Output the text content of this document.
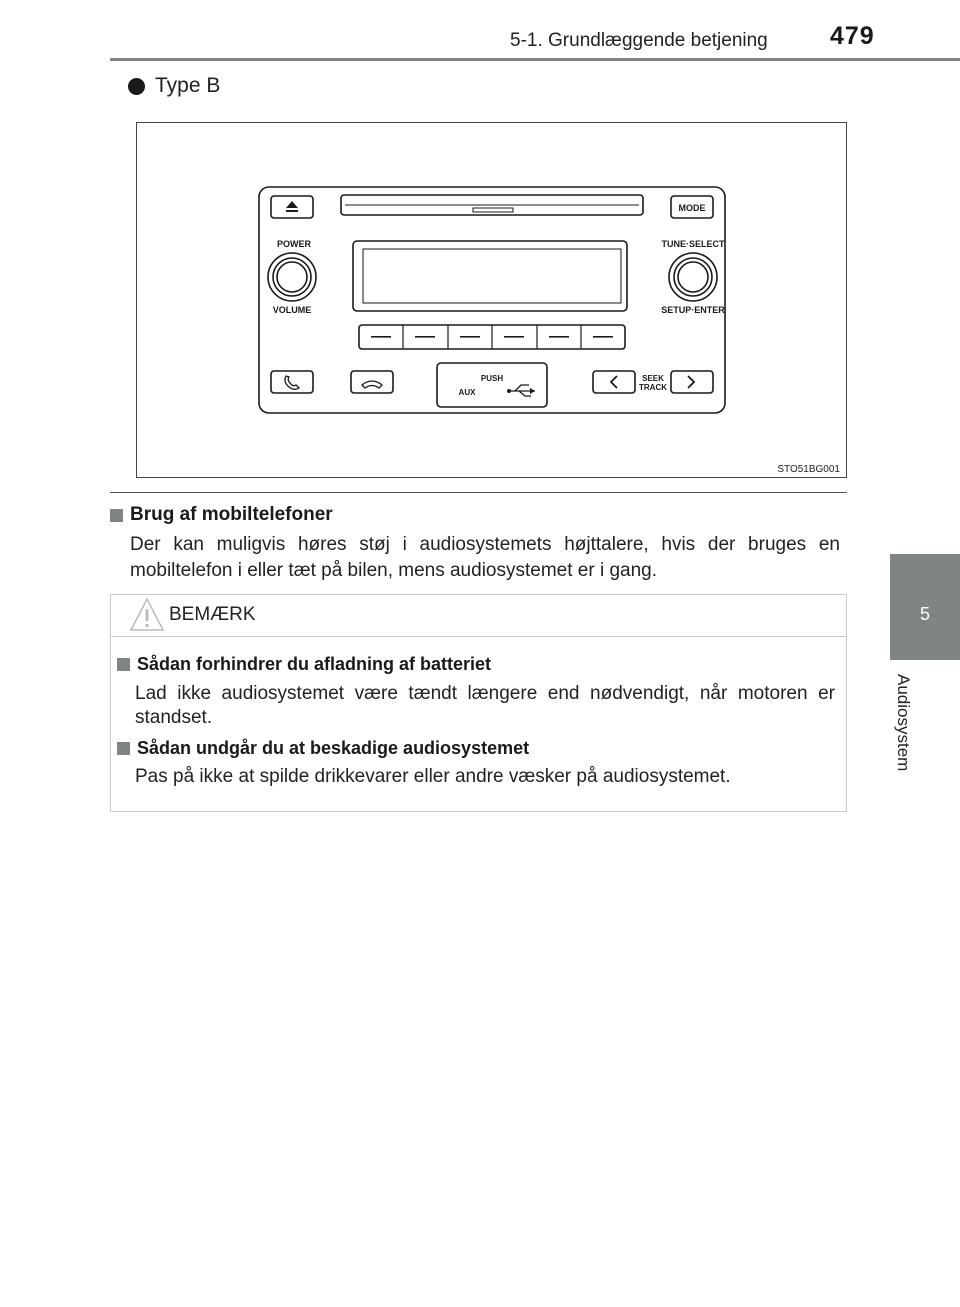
5-1. Grundlæggende betjening 479
5
Audiosystem
Type B
MODE
POWER
VOLUME
TUNE·SELECT
SETUP·ENTER
PUSH
AUX
SEEK
TRACK
STO51BG001
Brug af mobiltelefoner
Der kan muligvis høres støj i audiosystemets højttalere, hvis der bruges en mobiltelefon i eller tæt på bilen, mens audiosystemet er i gang.
BEMÆRK
Sådan forhindrer du afladning af batteriet
Lad ikke audiosystemet være tændt længere end nødvendigt, når motoren er standset.
Sådan undgår du at beskadige audiosystemet
Pas på ikke at spilde drikkevarer eller andre væsker på audiosystemet.
